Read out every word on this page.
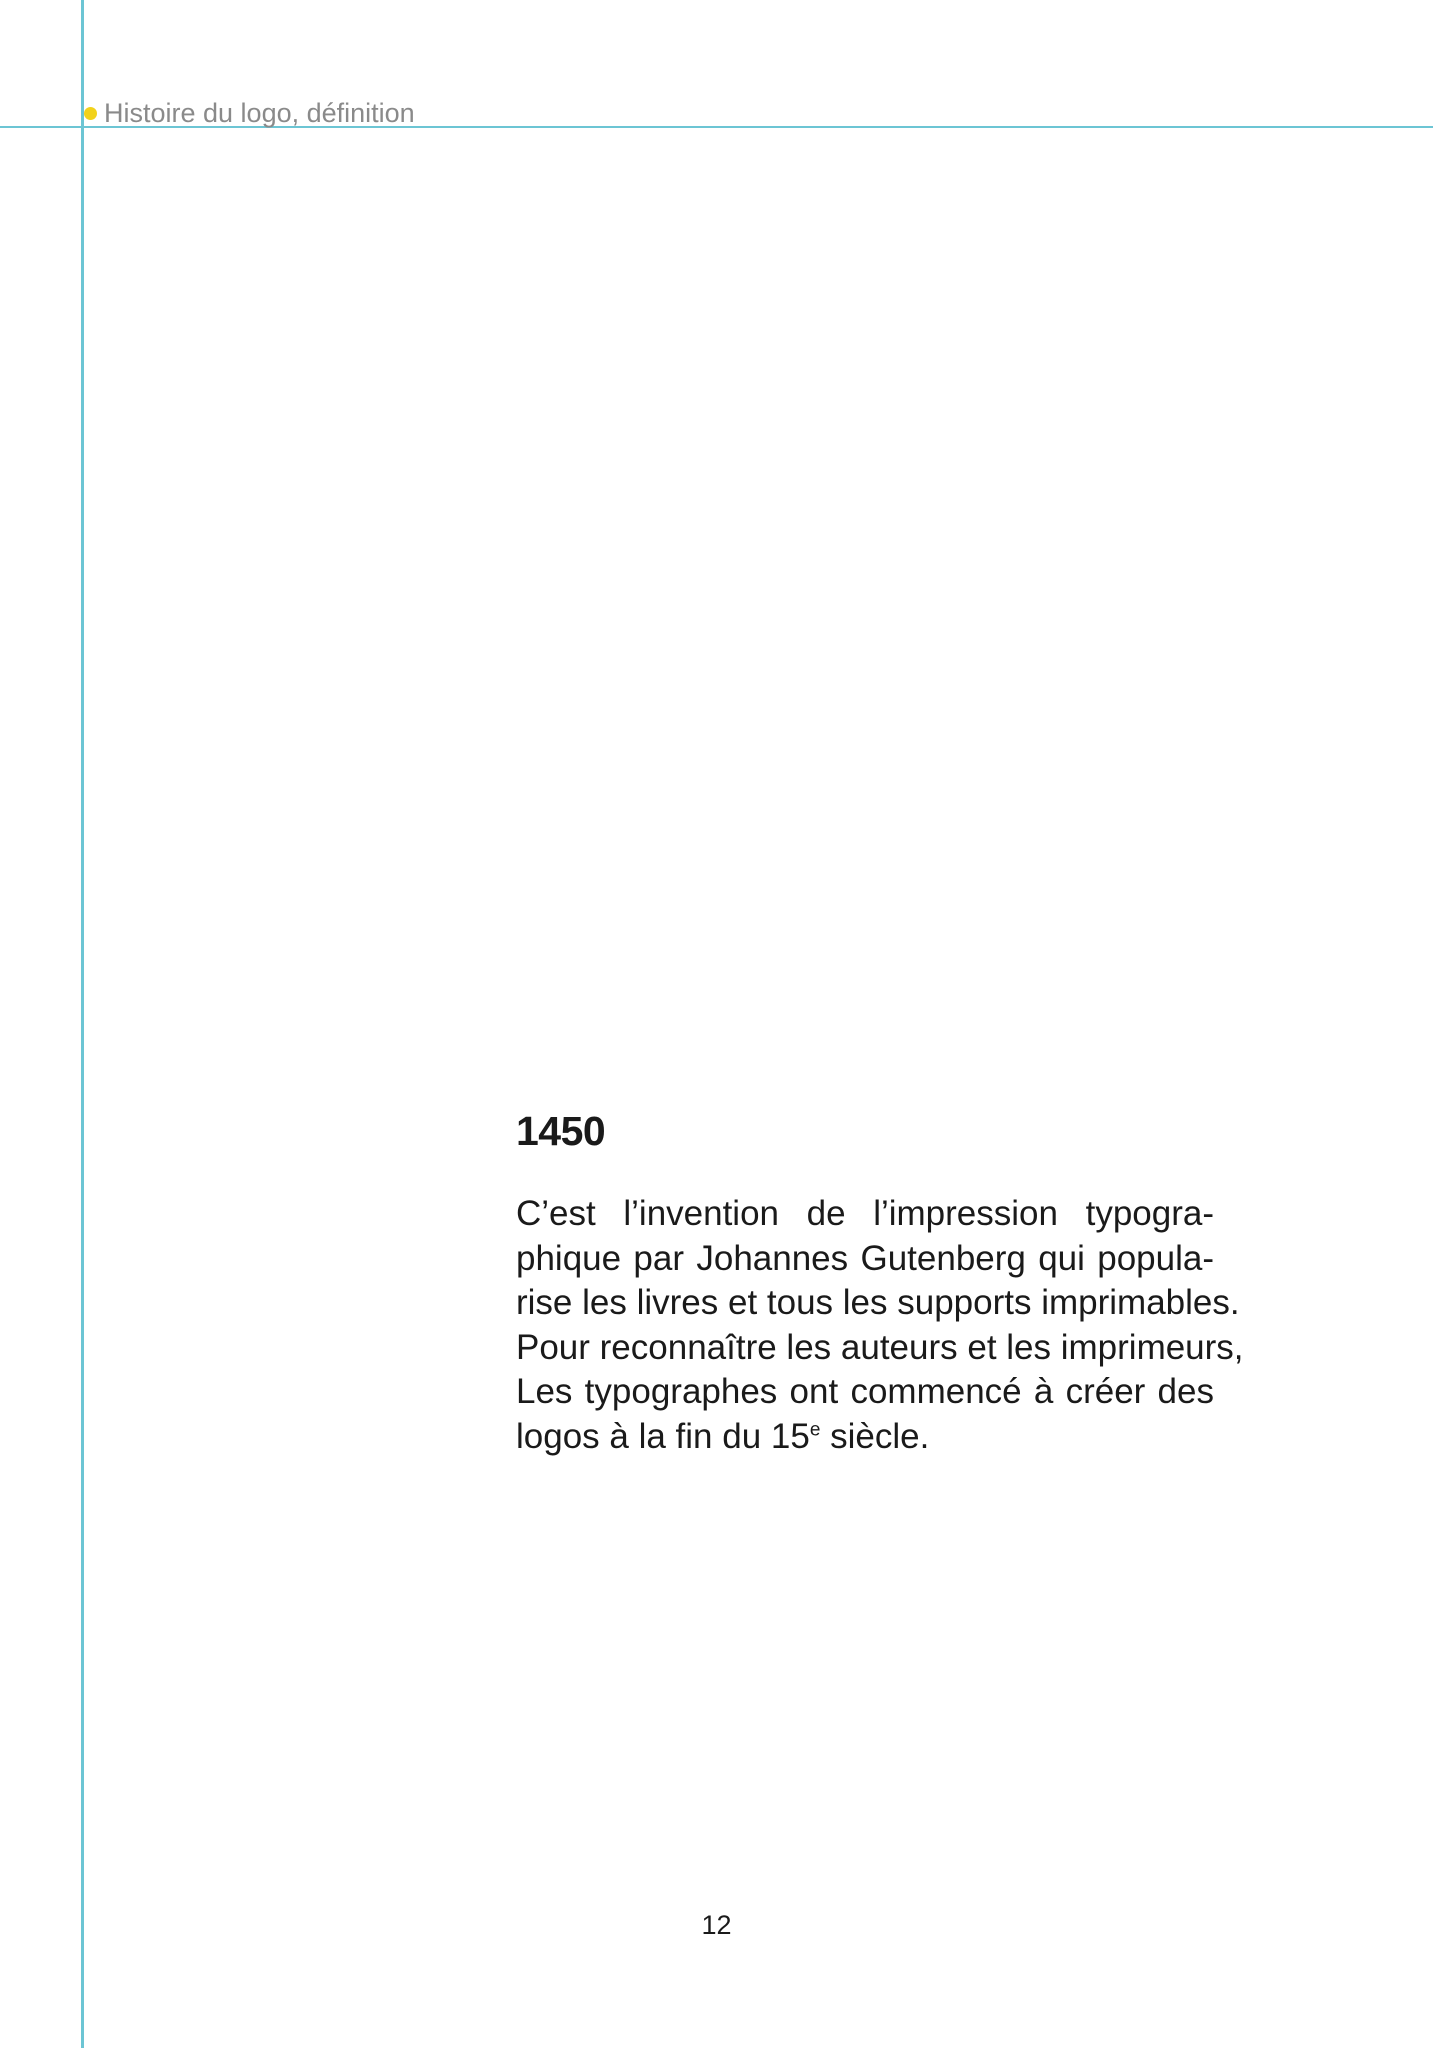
Histoire du logo, définition
1450
C’est l’invention de l’impression typogra-
phique par Johannes Gutenberg qui popula-
rise les livres et tous les supports imprimables.
Pour reconnaître les auteurs et les imprimeurs,
Les typographes ont commencé à créer des
logos à la fin du 15e siècle.
12
